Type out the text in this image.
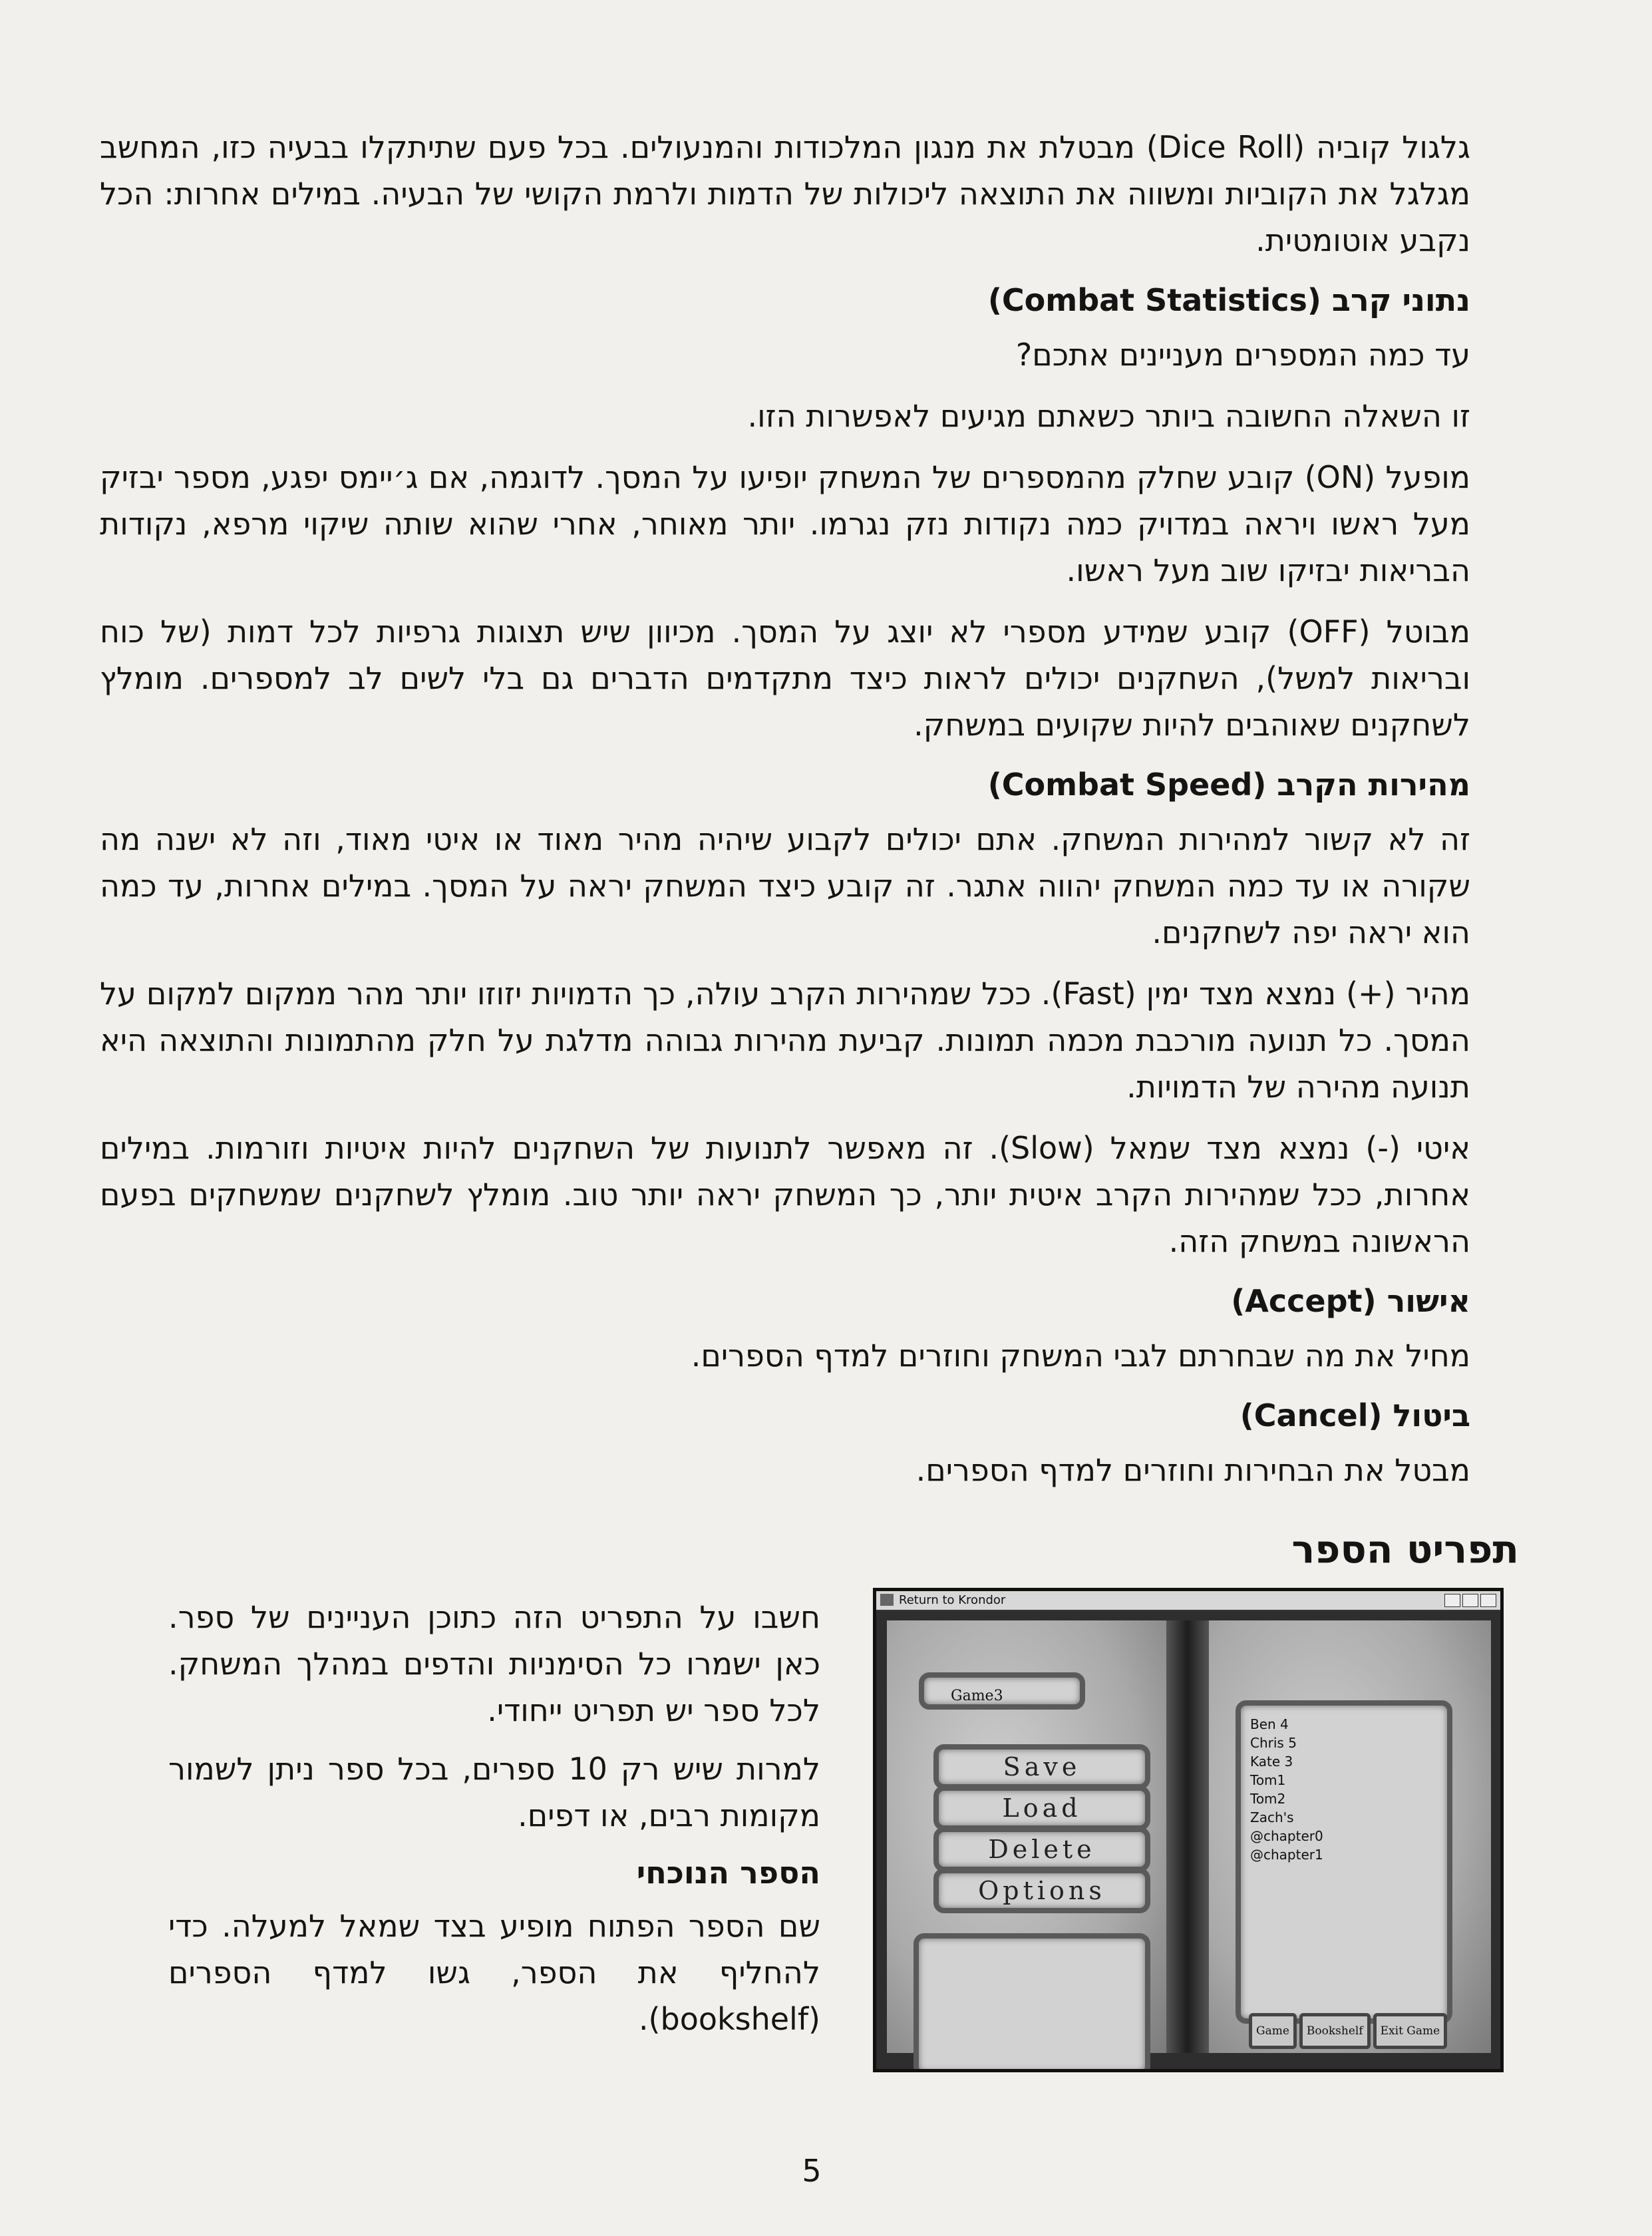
גלגול קוביה (Dice Roll) מבטלת את מנגון המלכודות והמנעולים. בכל פעם שתיתקלו בבעיה כזו, המחשב מגלגל את הקוביות ומשווה את התוצאה ליכולות של הדמות ולרמת הקושי של הבעיה. במילים אחרות: הכל נקבע אוטומטית.

נתוני קרב (Combat Statistics)

עד כמה המספרים מעניינים אתכם?

זו השאלה החשובה ביותר כשאתם מגיעים לאפשרות הזו.

מופעל (ON) קובע שחלק מהמספרים של המשחק יופיעו על המסך. לדוגמה, אם ג׳יימס יפגע, מספר יבזיק מעל ראשו ויראה במדויק כמה נקודות נזק נגרמו. יותר מאוחר, אחרי שהוא שותה שיקוי מרפא, נקודות הבריאות יבזיקו שוב מעל ראשו.

מבוטל (OFF) קובע שמידע מספרי לא יוצג על המסך. מכיוון שיש תצוגות גרפיות לכל דמות (של כוח ובריאות למשל), השחקנים יכולים לראות כיצד מתקדמים הדברים גם בלי לשים לב למספרים. מומלץ לשחקנים שאוהבים להיות שקועים במשחק.

מהירות הקרב (Combat Speed)

זה לא קשור למהירות המשחק. אתם יכולים לקבוע שיהיה מהיר מאוד או איטי מאוד, וזה לא ישנה מה שקורה או עד כמה המשחק יהווה אתגר. זה קובע כיצד המשחק יראה על המסך. במילים אחרות, עד כמה הוא יראה יפה לשחקנים.

מהיר (+) נמצא מצד ימין (Fast). ככל שמהירות הקרב עולה, כך הדמויות יזוזו יותר מהר ממקום למקום על המסך. כל תנועה מורכבת מכמה תמונות. קביעת מהירות גבוהה מדלגת על חלק מהתמונות והתוצאה היא תנועה מהירה של הדמויות.

איטי (-) נמצא מצד שמאל (Slow). זה מאפשר לתנועות של השחקנים להיות איטיות וזורמות. במילים אחרות, ככל שמהירות הקרב איטית יותר, כך המשחק יראה יותר טוב. מומלץ לשחקנים שמשחקים בפעם הראשונה במשחק הזה.

אישור (Accept)

מחיל את מה שבחרתם לגבי המשחק וחוזרים למדף הספרים.

ביטול (Cancel)

מבטל את הבחירות וחוזרים למדף הספרים.

תפריט הספר

חשבו על התפריט הזה כתוכן העניינים של ספר. כאן ישמרו כל הסימניות והדפים במהלך המשחק. לכל ספר יש תפריט ייחודי.

למרות שיש רק 10 ספרים, בכל ספר ניתן לשמור מקומות רבים, או דפים.

הספר הנוכחי

שם הספר הפתוח מופיע בצד שמאל למעלה. כדי להחליף את הספר, גשו למדף הספרים (bookshelf).

Return to Krondor
Game3
Save
Load
Delete
Options
Ben 4
Chris 5
Kate 3
Tom1
Tom2
Zach's
@chapter0
@chapter1
Game Bookshelf Exit Game
5
